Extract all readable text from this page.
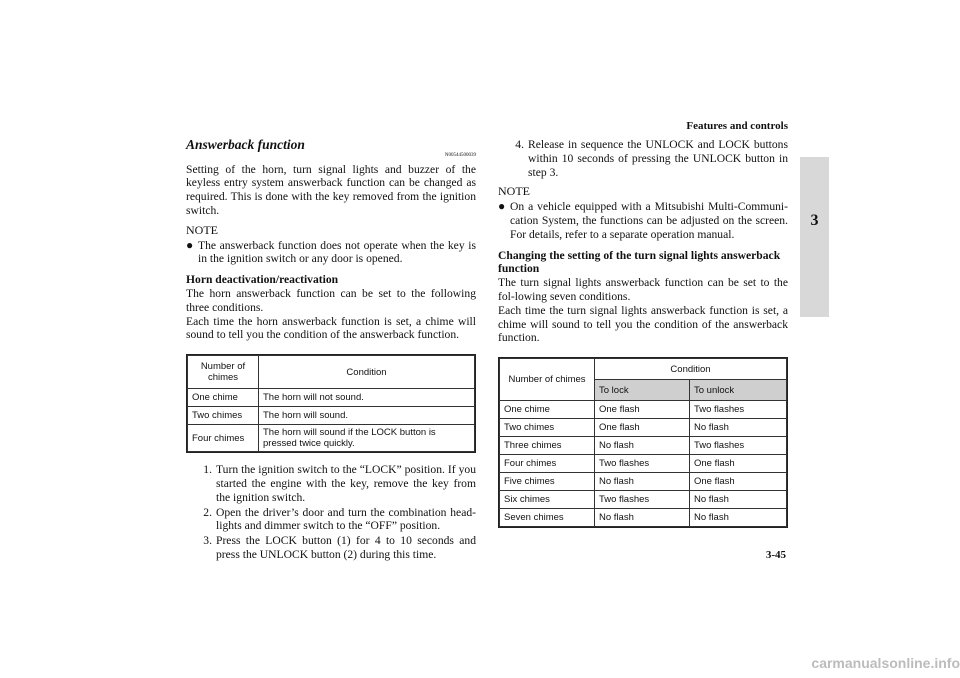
Features and controls
3
Answerback function
N00544500039

Setting of the horn, turn signal lights and buzzer of the keyless entry system answerback function can be changed as required. This is done with the key removed from the ignition switch.

NOTE
● The answerback function does not operate when the key is in the ignition switch or any door is opened.
Horn deactivation/reactivation

The horn answerback function can be set to the following three conditions.

Each time the horn answerback function is set, a chime will sound to tell you the condition of the answerback function.

Number of chimes	Condition
One chime	The horn will not sound.
Two chimes	The horn will sound.
Four chimes	The horn will sound if the LOCK button is pressed twice quickly.
1. Turn the ignition switch to the “LOCK” position. If you started the engine with the key, remove the key from the ignition switch.
2. Open the driver’s door and turn the combination head-lights and dimmer switch to the “OFF” position.
3. Press the LOCK button (1) for 4 to 10 seconds and press the UNLOCK button (2) during this time.
4. Release in sequence the UNLOCK and LOCK buttons within 10 seconds of pressing the UNLOCK button in step 3.
NOTE
● On a vehicle equipped with a Mitsubishi Multi-Communi-cation System, the functions can be adjusted on the screen. For details, refer to a separate operation manual.
Changing the setting of the turn signal lights answerback function

The turn signal lights answerback function can be set to the fol-lowing seven conditions.

Each time the turn signal lights answerback function is set, a chime will sound to tell you the condition of the answerback function.

Number of chimes	Condition	
	To lock	To unlock
One chime	One flash	Two flashes
Two chimes	One flash	No flash
Three chimes	No flash	Two flashes
Four chimes	Two flashes	One flash
Five chimes	No flash	One flash
Six chimes	Two flashes	No flash
Seven chimes	No flash	No flash
3-45
carmanualsonline.info
